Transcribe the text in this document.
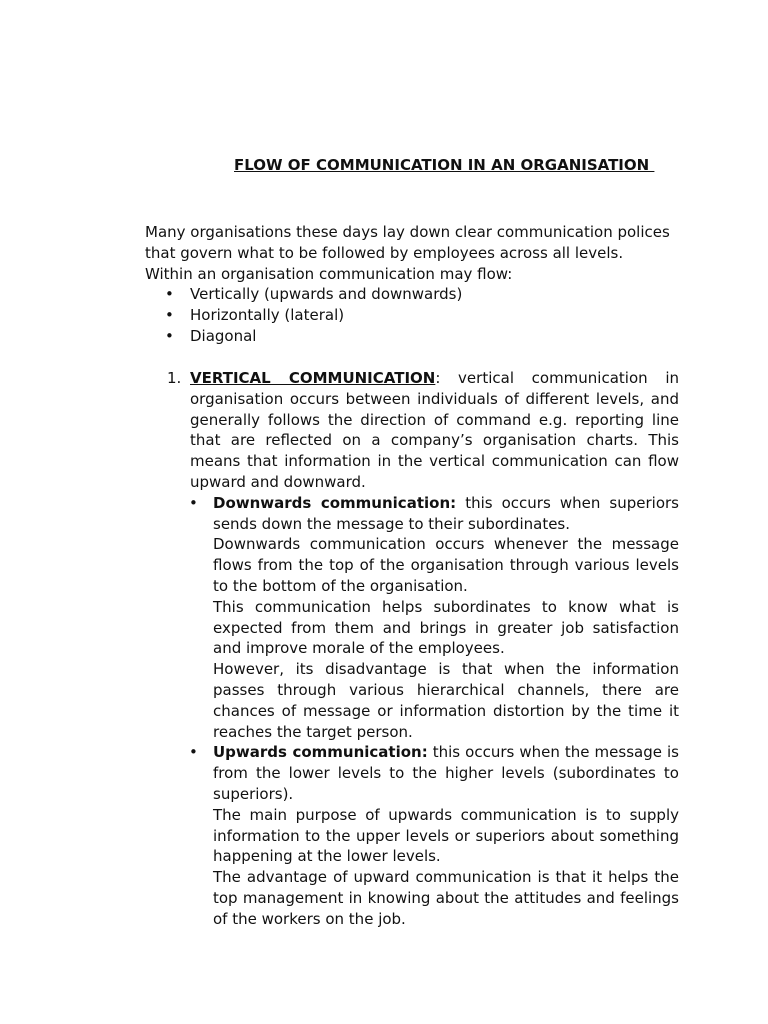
FLOW OF COMMUNICATION IN AN ORGANISATION

Many organisations these days lay down clear communication polices that govern what to be followed by employees across all levels.

Within an organisation communication may flow:

• Vertically (upwards and downwards)
• Horizontally (lateral)
• Diagonal
1. VERTICAL COMMUNICATION: vertical communication in organisation occurs between individuals of different levels, and generally follows the direction of command e.g. reporting line that are reflected on a company’s organisation charts. This means that information in the vertical communication can flow upward and downward.
• Downwards communication: this occurs when superiors sends down the message to their subordinates.

Downwards communication occurs whenever the message flows from the top of the organisation through various levels to the bottom of the organisation.

This communication helps subordinates to know what is expected from them and brings in greater job satisfaction and improve morale of the employees.

However, its disadvantage is that when the information passes through various hierarchical channels, there are chances of message or information distortion by the time it reaches the target person.

• Upwards communication: this occurs when the message is from the lower levels to the higher levels (subordinates to superiors).

The main purpose of upwards communication is to supply information to the upper levels or superiors about something happening at the lower levels.

The advantage of upward communication is that it helps the top management in knowing about the attitudes and feelings of the workers on the job.
